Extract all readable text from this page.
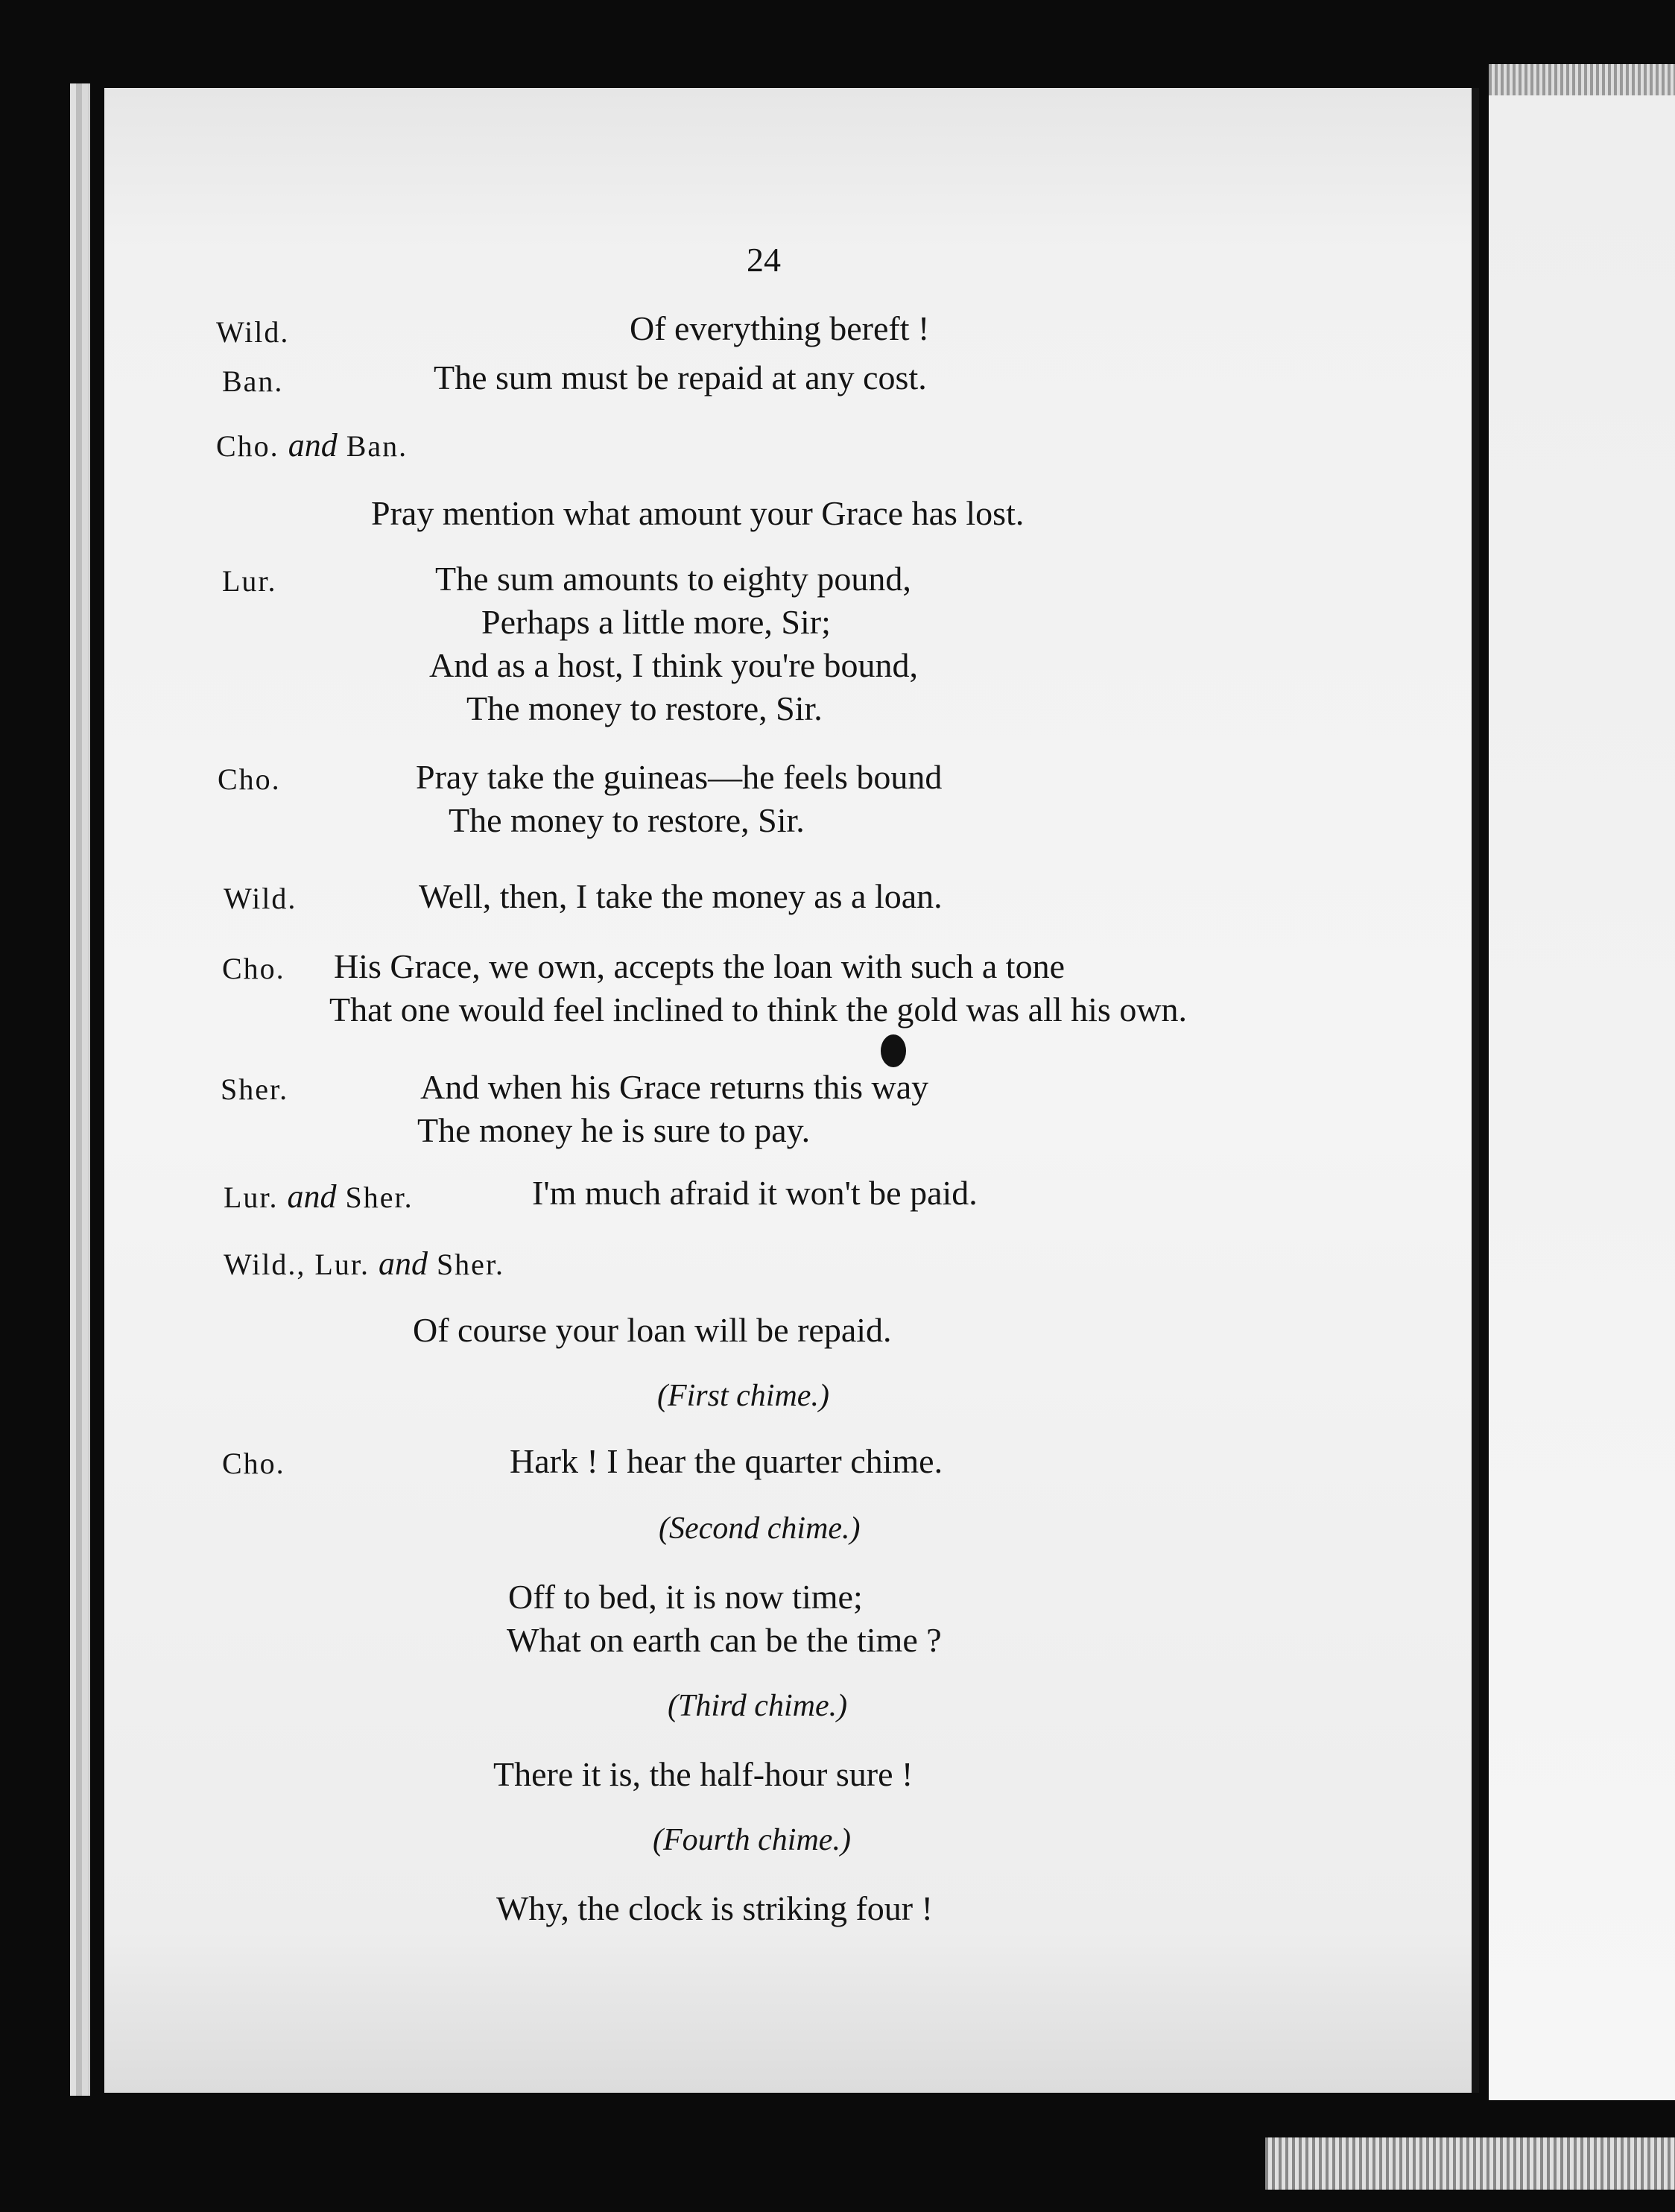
24
Wild.	Of everything bereft !
Ban.	The sum must be repaid at any cost.
Cho. and Ban.
Pray mention what amount your Grace has lost.
Lur.	The sum amounts to eighty pound,
Perhaps a little more, Sir;
And as a host, I think you're bound,
The money to restore, Sir.
Cho.	Pray take the guineas—he feels bound
The money to restore, Sir.
Wild.	Well, then, I take the money as a loan.
Cho. His Grace, we own, accepts the loan with such a tone
That one would feel inclined to think the gold was all his own.
Sher.	And when his Grace returns this way
The money he is sure to pay.
Lur. and Sher.	I'm much afraid it won't be paid.
Wild., Lur. and Sher.
Of course your loan will be repaid.
(First chime.)
Cho.	Hark ! I hear the quarter chime.
(Second chime.)
Off to bed, it is now time;
What on earth can be the time ?
(Third chime.)
There it is, the half-hour sure !
(Fourth chime.)
Why, the clock is striking four !
